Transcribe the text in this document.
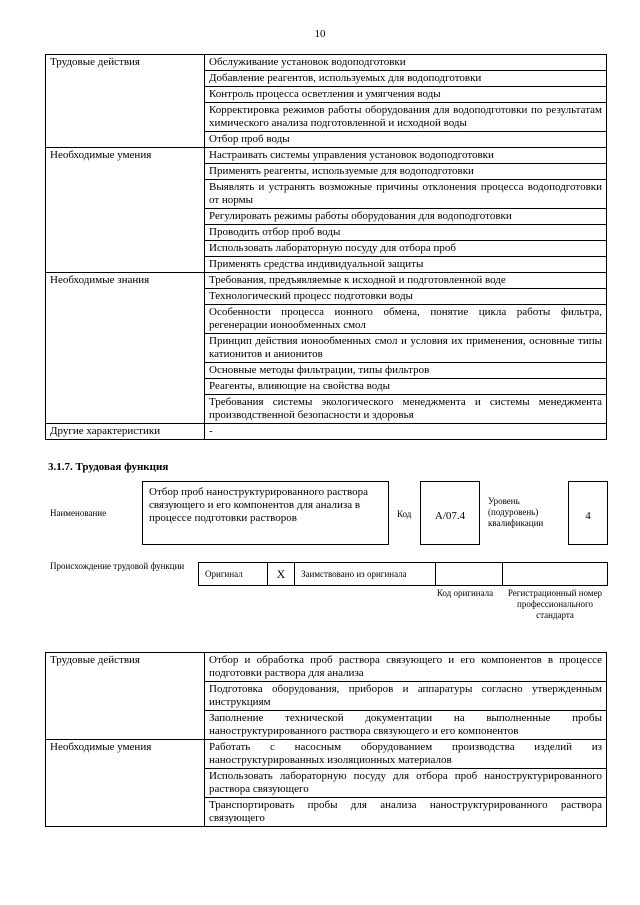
10
Трудовые действия	Обслуживание установок водоподготовки
	Добавление реагентов, используемых для водоподготовки
	Контроль процесса осветления и умягчения воды
	Корректировка режимов работы оборудования для водоподготовки по результатам химического анализа подготовленной и исходной воды
	Отбор проб воды
Необходимые умения	Настраивать системы управления установок водоподготовки
	Применять реагенты, используемые для водоподготовки
	Выявлять и устранять возможные причины отклонения процесса водоподготовки от нормы
	Регулировать режимы работы оборудования для водоподготовки
	Проводить отбор проб воды
	Использовать лабораторную посуду для отбора проб
	Применять средства индивидуальной защиты
Необходимые знания	Требования, предъявляемые к исходной и подготовленной воде
	Технологический процесс подготовки воды
	Особенности процесса ионного обмена, понятие цикла работы фильтра, регенерации ионообменных смол
	Принцип действия ионообменных смол и условия их применения, основные типы катионитов и анионитов
	Основные методы фильтрации, типы фильтров
	Реагенты, влияющие на свойства воды
	Требования системы экологического менеджмента и системы менеджмента производственной безопасности и здоровья
Другие характеристики	-
3.1.7. Трудовая функция
Наименование
Отбор проб наноструктурированного раствора связующего и его компонентов для анализа в процессе подготовки растворов	Код	A/07.4
Уровень (подуровень) квалификации
4
Происхождение трудовой функции
Оригинал	X	Заимствовано из оригинала		
Код оригинала	Регистрационный номер профессионального стандарта
Трудовые действия	Отбор и обработка проб раствора связующего и его компонентов в процессе подготовки раствора для анализа
	Подготовка оборудования, приборов и аппаратуры согласно утвержденным инструкциям
	Заполнение технической документации на выполненные пробы наноструктурированного раствора связующего и его компонентов
Необходимые умения	Работать с насосным оборудованием производства изделий из наноструктурированных изоляционных материалов
	Использовать лабораторную посуду для отбора проб наноструктурированного раствора связующего
	Транспортировать пробы для анализа наноструктурированного раствора связующего
